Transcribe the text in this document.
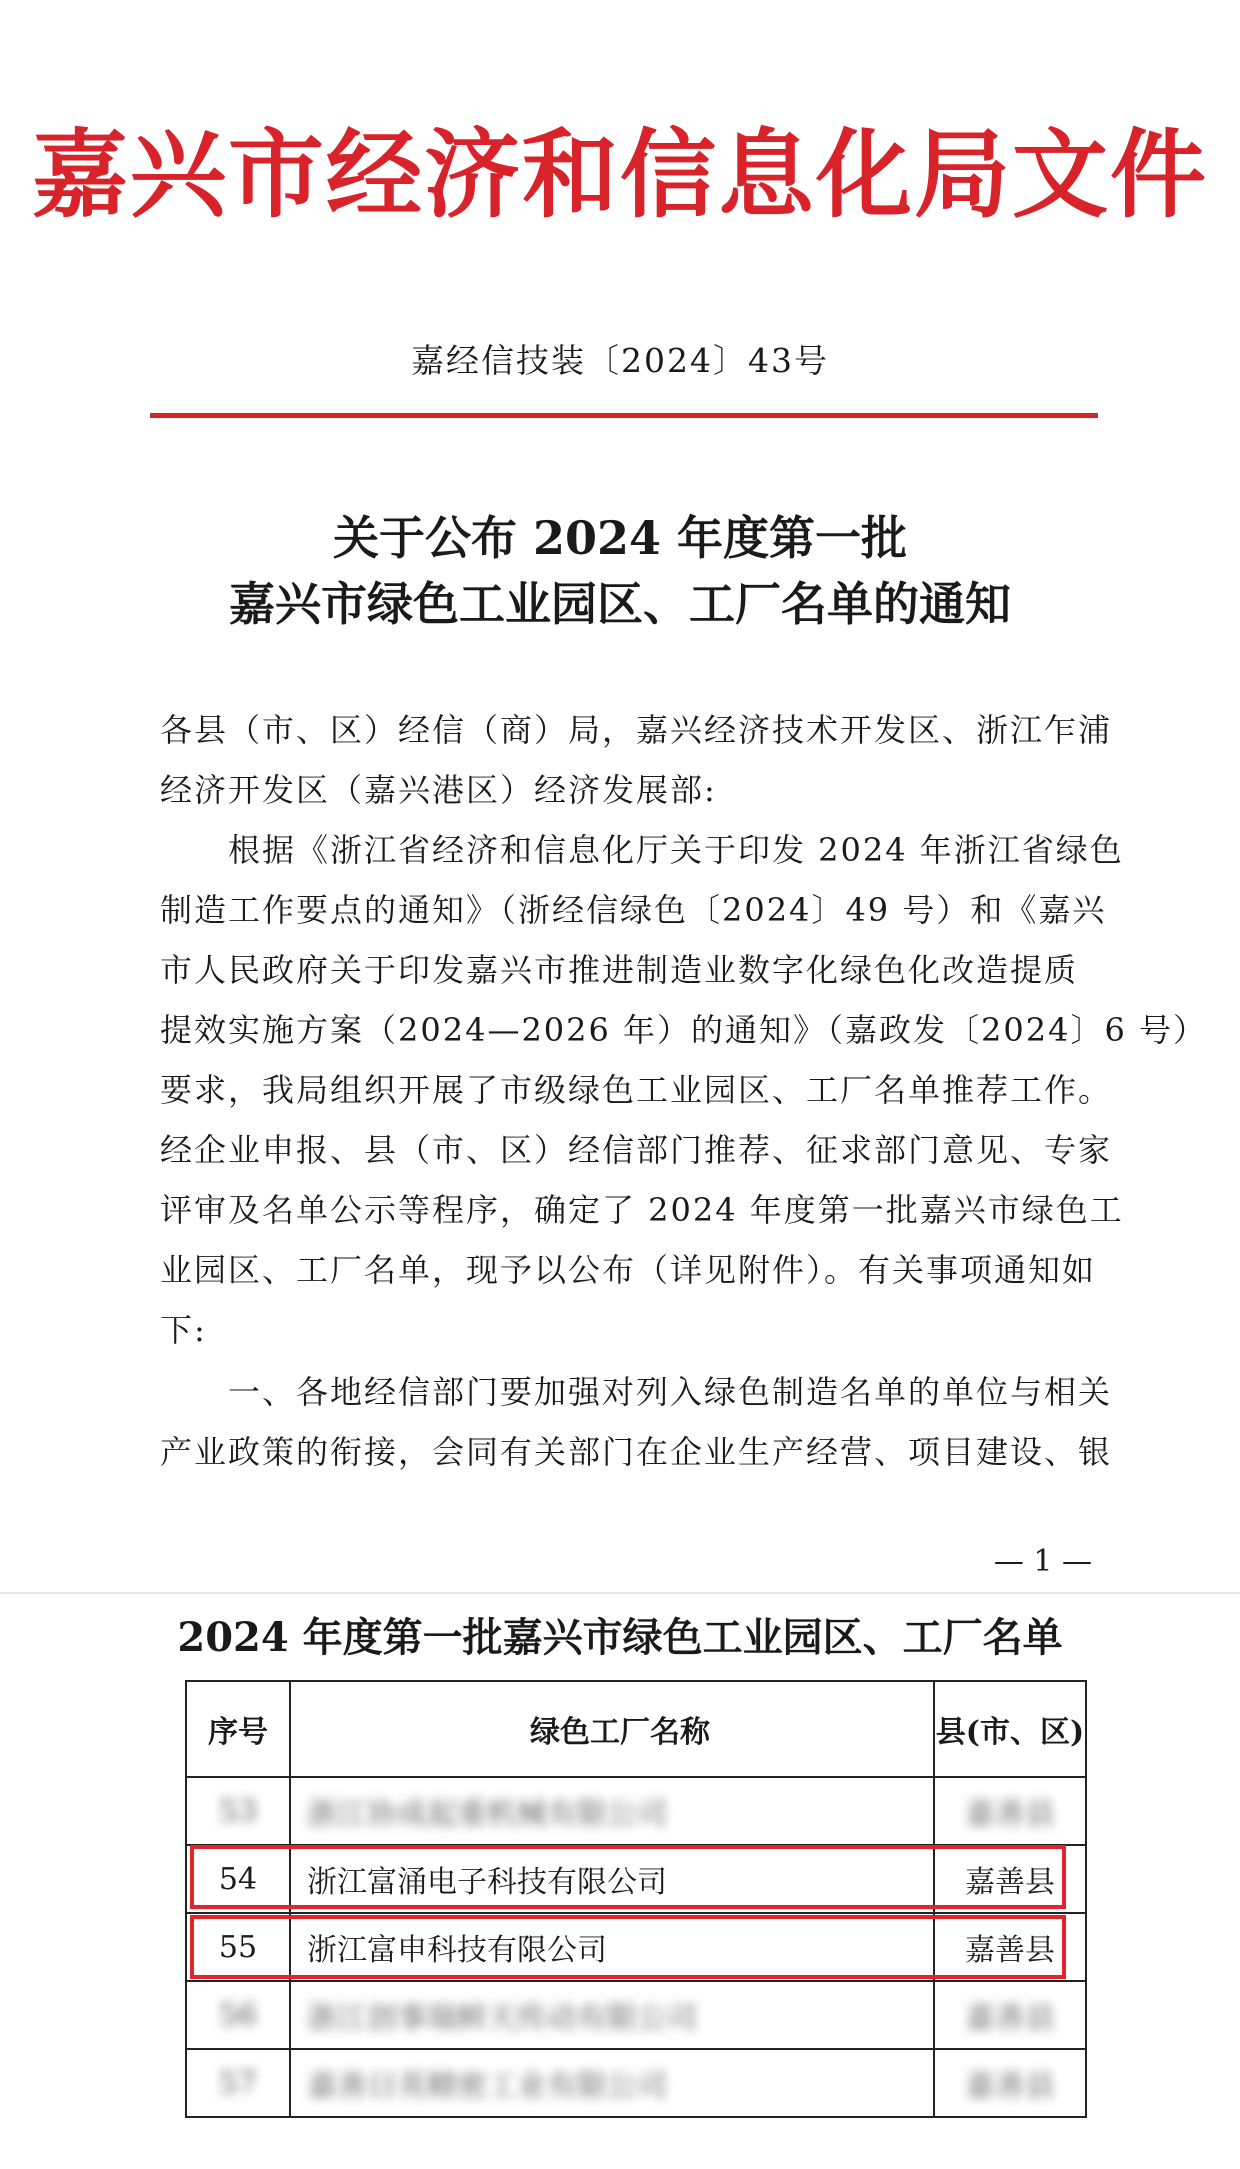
嘉兴市经济和信息化局文件
嘉经信技装〔2024〕43号
关于公布 2024 年度第一批
嘉兴市绿色工业园区、工厂名单的通知
各县（市、区）经信（商）局，嘉兴经济技术开发区、浙江乍浦
经济开发区（嘉兴港区）经济发展部:
　　根据《浙江省经济和信息化厅关于印发 2024 年浙江省绿色
制造工作要点的通知》（浙经信绿色〔2024〕49 号）和《嘉兴
市人民政府关于印发嘉兴市推进制造业数字化绿色化改造提质
提效实施方案（2024—2026 年）的通知》（嘉政发〔2024〕6 号）
要求，我局组织开展了市级绿色工业园区、工厂名单推荐工作。
经企业申报、县（市、区）经信部门推荐、征求部门意见、专家
评审及名单公示等程序，确定了 2024 年度第一批嘉兴市绿色工
业园区、工厂名单，现予以公布（详见附件）。有关事项通知如
下:
　　一、各地经信部门要加强对列入绿色制造名单的单位与相关
产业政策的衔接，会同有关部门在企业生产经营、项目建设、银
— 1 —
2024 年度第一批嘉兴市绿色工业园区、工厂名单
序号	绿色工厂名称	县(市、区)
53	浙江协成起重机械有限公司	嘉善县
54	浙江富涌电子科技有限公司	嘉善县
55	浙江富申科技有限公司	嘉善县
56	浙江创事瑞鲜天传动有限公司	嘉善县
57	嘉善日英精密工业有限公司	嘉善县
